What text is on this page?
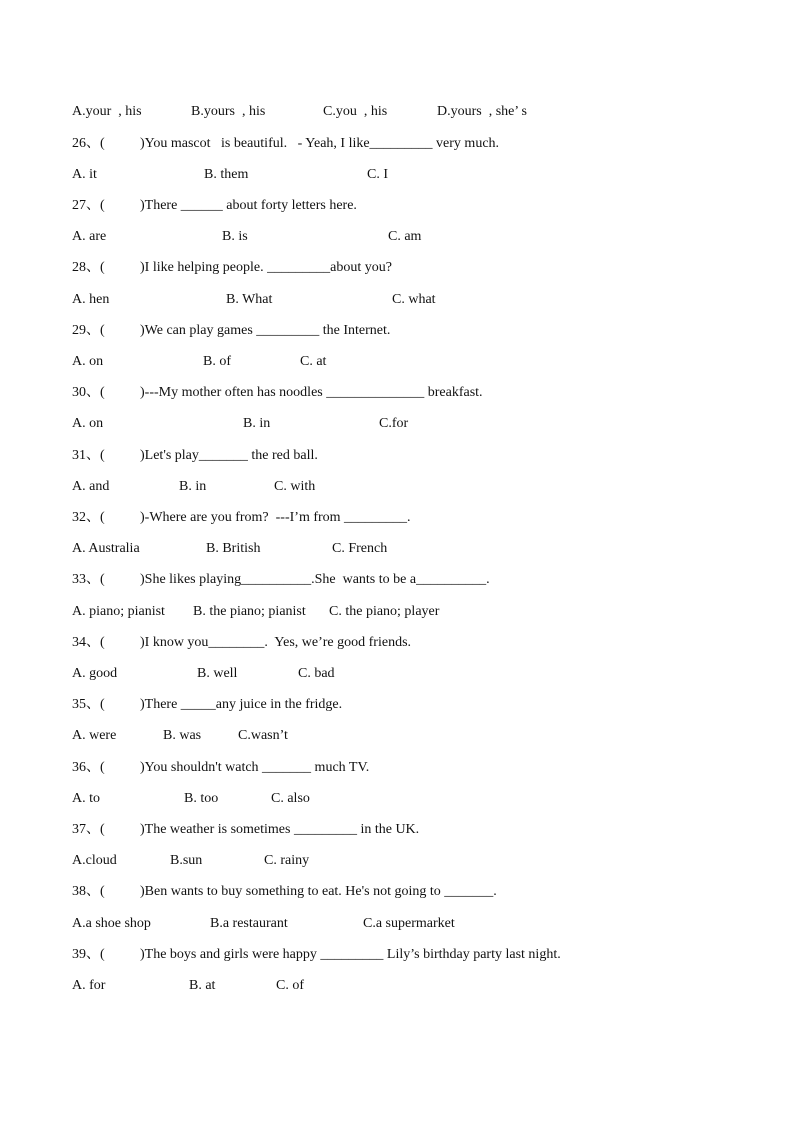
A.your  , his

	B.yours  , his

	C.you  , his

	D.yours  , she’ s

26、(

	)You mascot   is beautiful.   - Yeah, I like_________ very much.

A. it

	B. them

	C. I

27、(

	)There ______ about forty letters here.

A. are

	B. is

	C. am

28、(

	)I like helping people. _________about you?

A. hen

	B. What

	C. what

29、(

	)We can play games _________ the Internet.

A. on

	B. of

	C. at

30、(

	)---My mother often has noodles ______________ breakfast.

A. on

	B. in

	C.for

31、(

	)Let's play_______ the red ball.

A. and

	B. in

	C. with

32、(

	)-Where are you from?  ---I’m from _________.

A. Australia

	B. British

	C. French

33、(

	)She likes playing__________.She  wants to be a__________.

A. piano; pianist

B. the piano; pianist

C. the piano; player

34、(

	)I know you________.  Yes, we’re good friends.

A. good

	B. well

	C. bad

35、(

	)There _____any juice in the fridge.

A. were

	B. was

	C.wasn’t

36、(

	)You shouldn't watch _______ much TV.

A. to

	B. too

	C. also

37、(

	)The weather is sometimes _________ in the UK.

A.cloud

	B.sun

	C. rainy

38、(

	)Ben wants to buy something to eat. He's not going to _______.

A.a shoe shop

	B.a restaurant

	C.a supermarket

39、(

	)The boys and girls were happy _________ Lily’s birthday party last night.

A. for

	B. at

	C. of
